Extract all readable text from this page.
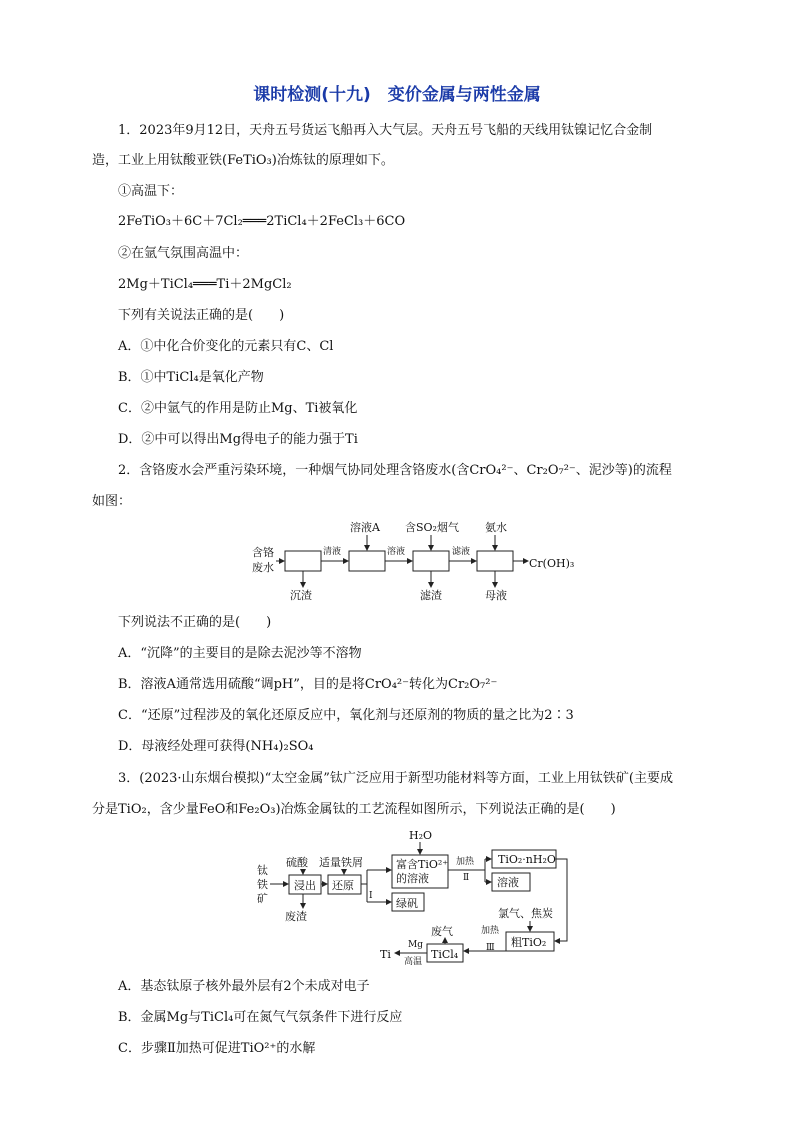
课时检测(十九)　变价金属与两性金属
1．2023年9月12日，天舟五号货运飞船再入大气层。天舟五号飞船的天线用钛镍记忆合金制
造，工业上用钛酸亚铁(FeTiO₃)冶炼钛的原理如下。
①高温下：
2FeTiO₃＋6C＋7Cl₂═══2TiCl₄＋2FeCl₃＋6CO
②在氩气氛围高温中：
2Mg＋TiCl₄═══Ti＋2MgCl₂
下列有关说法正确的是(　　)
A．①中化合价变化的元素只有C、Cl
B．①中TiCl₄是氧化产物
C．②中氩气的作用是防止Mg、Ti被氧化
D．②中可以得出Mg得电子的能力强于Ti
2．含铬废水会严重污染环境，一种烟气协同处理含铬废水(含CrO₄²⁻、Cr₂O₇²⁻、泥沙等)的流程
如图：
含铬
废水
沉渣
溶液A 含SO₂烟气 氨水
滤渣	母液
Cr(OH)₃
清液	溶液	滤液
下列说法不正确的是(　　)
A．“沉降”的主要目的是除去泥沙等不溶物
B．溶液A通常选用硫酸“调pH”，目的是将CrO₄²⁻转化为Cr₂O₇²⁻
C．“还原”过程涉及的氧化还原反应中，氧化剂与还原剂的物质的量之比为2∶3
D．母液经处理可获得(NH₄)₂SO₄
3．(2023·山东烟台模拟)“太空金属”钛广泛应用于新型功能材料等方面，工业上用钛铁矿(主要成
分是TiO₂，含少量FeO和Fe₂O₃)冶炼金属钛的工艺流程如图所示，下列说法正确的是(　　)
钛
铁
矿
硫酸 适量铁屑
废渣
H₂O
富含TiO²⁺
的溶液
TiO₂·nH₂O
溶液
绿矾
氯气、焦炭
粗TiO₂
废气
TiCl₄
Ti
浸出 还原
Ⅰ
加热
Ⅱ
加热
Ⅲ
Mg
高温
A．基态钛原子核外最外层有2个未成对电子
B．金属Mg与TiCl₄可在氮气气氛条件下进行反应
C．步骤Ⅱ加热可促进TiO²⁺的水解
